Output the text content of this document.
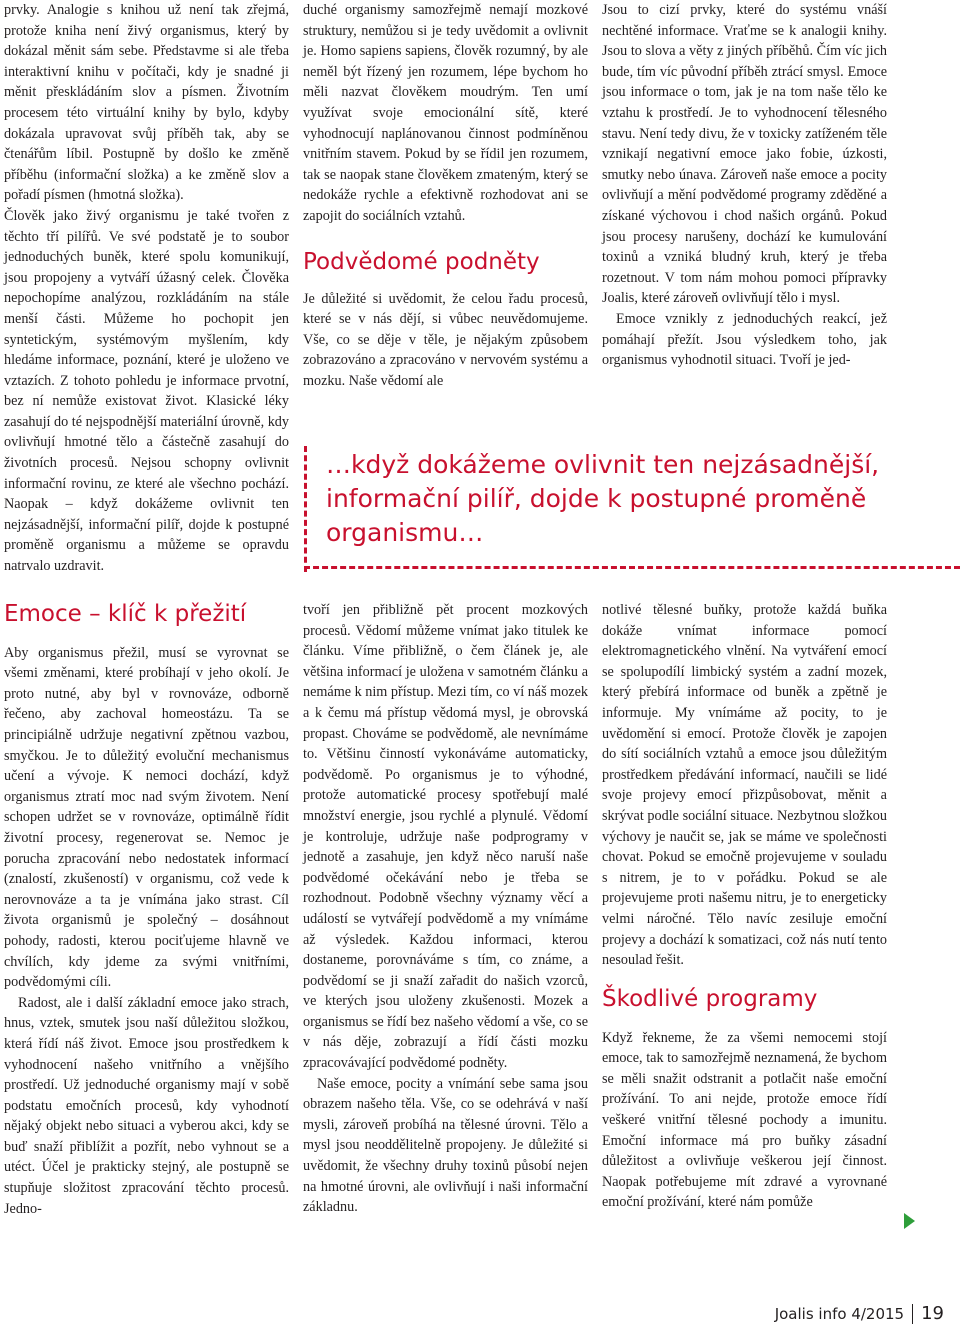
prvky. Analogie s knihou už není tak zřejmá, protože kniha není živý organismus, který by dokázal měnit sám sebe. Představme si ale třeba interaktivní knihu v počítači, kdy je snadné ji měnit přeskládáním slov a písmen. Životním procesem této virtuální knihy by bylo, kdyby dokázala upravovat svůj příběh tak, aby se čtenářům líbil. Postupně by došlo ke změně příběhu (informační složka) a ke změně slov a pořadí písmen (hmotná složka).

Člověk jako živý organismu je také tvořen z těchto tří pilířů. Ve své podstatě je to soubor jednoduchých buněk, které spolu komunikují, jsou propojeny a vytváří úžasný celek. Člověka nepochopíme analýzou, rozkládáním na stále menší části. Můžeme ho pochopit jen syntetickým, systémovým myšlením, kdy hledáme informace, poznání, které je uloženo ve vztazích. Z tohoto pohledu je informace prvotní, bez ní nemůže existovat život. Klasické léky zasahují do té nejspodnější materiální úrovně, kdy ovlivňují hmotné tělo a částečně zasahují do životních procesů. Nejsou schopny ovlivnit informační rovinu, ze které ale všechno pochází. Naopak – když dokážeme ovlivnit ten nejzásadnější, informační pilíř, dojde k postupné proměně organismu a můžeme se opravdu natrvalo uzdravit.

Emoce – klíč k přežití

Aby organismus přežil, musí se vyrovnat se všemi změnami, které probíhají v jeho okolí. Je proto nutné, aby byl v rovnováze, odborně řečeno, aby zachoval homeostázu. Ta se principiálně udržuje negativní zpětnou vazbou, smyčkou. Je to důležitý evoluční mechanismus učení a vývoje. K nemoci dochází, když organismus ztratí moc nad svým životem. Není schopen udržet se v rovnováze, optimálně řídit životní procesy, regenerovat se. Nemoc je porucha zpracování nebo nedostatek informací (znalostí, zkušeností) v organismu, což vede k nerovnováze a ta je vnímána jako strast. Cíl života organismů je společný – dosáhnout pohody, radosti, kterou pociťujeme hlavně ve chvílích, kdy jdeme za svými vnitřními, podvědomými cíli.

Radost, ale i další základní emoce jako strach, hnus, vztek, smutek jsou naší důležitou složkou, která řídí náš život. Emoce jsou prostředkem k vyhodnocení našeho vnitřního a vnějšího prostředí. Už jednoduché organismy mají v sobě podstatu emočních procesů, kdy vyhodnotí nějaký objekt nebo situaci a vyberou akci, kdy se buď snaží přiblížit a pozřít, nebo vyhnout se a utéct. Účel je prakticky stejný, ale postupně se stupňuje složitost zpracování těchto procesů. Jedno-

duché organismy samozřejmě nemají mozkové struktury, nemůžou si je tedy uvědomit a ovlivnit je. Homo sapiens sapiens, člověk rozumný, by ale neměl být řízený jen rozumem, lépe bychom ho měli nazvat člověkem moudrým. Ten umí využívat svoje emocionální sítě, které vyhodnocují naplánovanou činnost podmíněnou vnitřním stavem. Pokud by se řídil jen rozumem, tak se naopak stane člověkem zmateným, který se nedokáže rychle a efektivně rozhodovat ani se zapojit do sociálních vztahů.

Podvědomé podněty

Je důležité si uvědomit, že celou řadu procesů, které se v nás dějí, si vůbec neuvědomujeme. Vše, co se děje v těle, je nějakým způsobem zobrazováno a zpracováno v nervovém systému a mozku. Naše vědomí ale

Jsou to cizí prvky, které do systému vnáší nechtěné informace. Vraťme se k analogii knihy. Jsou to slova a věty z jiných příběhů. Čím víc jich bude, tím víc původní příběh ztrácí smysl. Emoce jsou informace o tom, jak je na tom naše tělo ke vztahu k prostředí. Je to vyhodnocení tělesného stavu. Není tedy divu, že v toxicky zatíženém těle vznikají negativní emoce jako fobie, úzkosti, smutky nebo únava. Zároveň naše emoce a pocity ovlivňují a mění podvědomé programy zděděné a získané výchovou i chod našich orgánů. Pokud jsou procesy narušeny, dochází ke kumulování toxinů a vzniká bludný kruh, který je třeba rozetnout. V tom nám mohou pomoci přípravky Joalis, které zároveň ovlivňují tělo i mysl.

Emoce vznikly z jednoduchých reakcí, jež pomáhají přežít. Jsou výsledkem toho, jak organismus vyhodnotil situaci. Tvoří je jed-

…když dokážeme ovlivnit ten nejzásadnější, informační pilíř, dojde k postupné proměně organismu…

tvoří jen přibližně pět procent mozkových procesů. Vědomí můžeme vnímat jako titulek ke článku. Víme přibližně, o čem článek je, ale většina informací je uložena v samotném článku a nemáme k nim přístup. Mezi tím, co ví náš mozek a k čemu má přístup vědomá mysl, je obrovská propast. Chováme se podvědomě, ale nevnímáme to. Většinu činností vykonáváme automaticky, podvědomě. Po organismus je to výhodné, protože automatické procesy spotřebují malé množství energie, jsou rychlé a plynulé. Vědomí je kontroluje, udržuje naše podprogramy v jednotě a zasahuje, jen když něco naruší naše podvědomé očekávání nebo je třeba se rozhodnout. Podobně všechny významy věcí a událostí se vytvářejí podvědomě a my vnímáme až výsledek. Každou informaci, kterou dostaneme, porovnáváme s tím, co známe, a podvědomí se ji snaží zařadit do našich vzorců, ve kterých jsou uloženy zkušenosti. Mozek a organismus se řídí bez našeho vědomí a vše, co se v nás děje, zobrazují a řídí části mozku zpracovávající podvědomé podněty.

Naše emoce, pocity a vnímání sebe sama jsou obrazem našeho těla. Vše, co se odehrává v naší mysli, zároveň probíhá na tělesné úrovni. Tělo a mysl jsou neoddělitelně propojeny. Je důležité si uvědomit, že všechny druhy toxinů působí nejen na hmotné úrovni, ale ovlivňují i naši informační základnu.

notlivé tělesné buňky, protože každá buňka dokáže vnímat informace pomocí elektromagnetického vlnění. Na vytváření emocí se spolupodílí limbický systém a zadní mozek, který přebírá informace od buněk a zpětně je informuje. My vnímáme až pocity, to je uvědomění si emocí. Protože člověk je zapojen do sítí sociálních vztahů a emoce jsou důležitým prostředkem předávání informací, naučili se lidé svoje projevy emocí přizpůsobovat, měnit a skrývat podle sociální situace. Nezbytnou složkou výchovy je naučit se, jak se máme ve společnosti chovat. Pokud se emočně projevujeme v souladu s nitrem, je to v pořádku. Pokud se ale projevujeme proti našemu nitru, je to energeticky velmi náročné. Tělo navíc zesiluje emoční projevy a dochází k somatizaci, což nás nutí tento nesoulad řešit.

Škodlivé programy

Když řekneme, že za všemi nemocemi stojí emoce, tak to samozřejmě neznamená, že bychom se měli snažit odstranit a potlačit naše emoční prožívání. To ani nejde, protože emoce řídí veškeré vnitřní tělesné pochody a imunitu. Emoční informace má pro buňky zásadní důležitost a ovlivňuje veškerou její činnost. Naopak potřebujeme mít zdravé a vyrovnané emoční prožívání, které nám pomůže

Joalis info 4/2015 19
